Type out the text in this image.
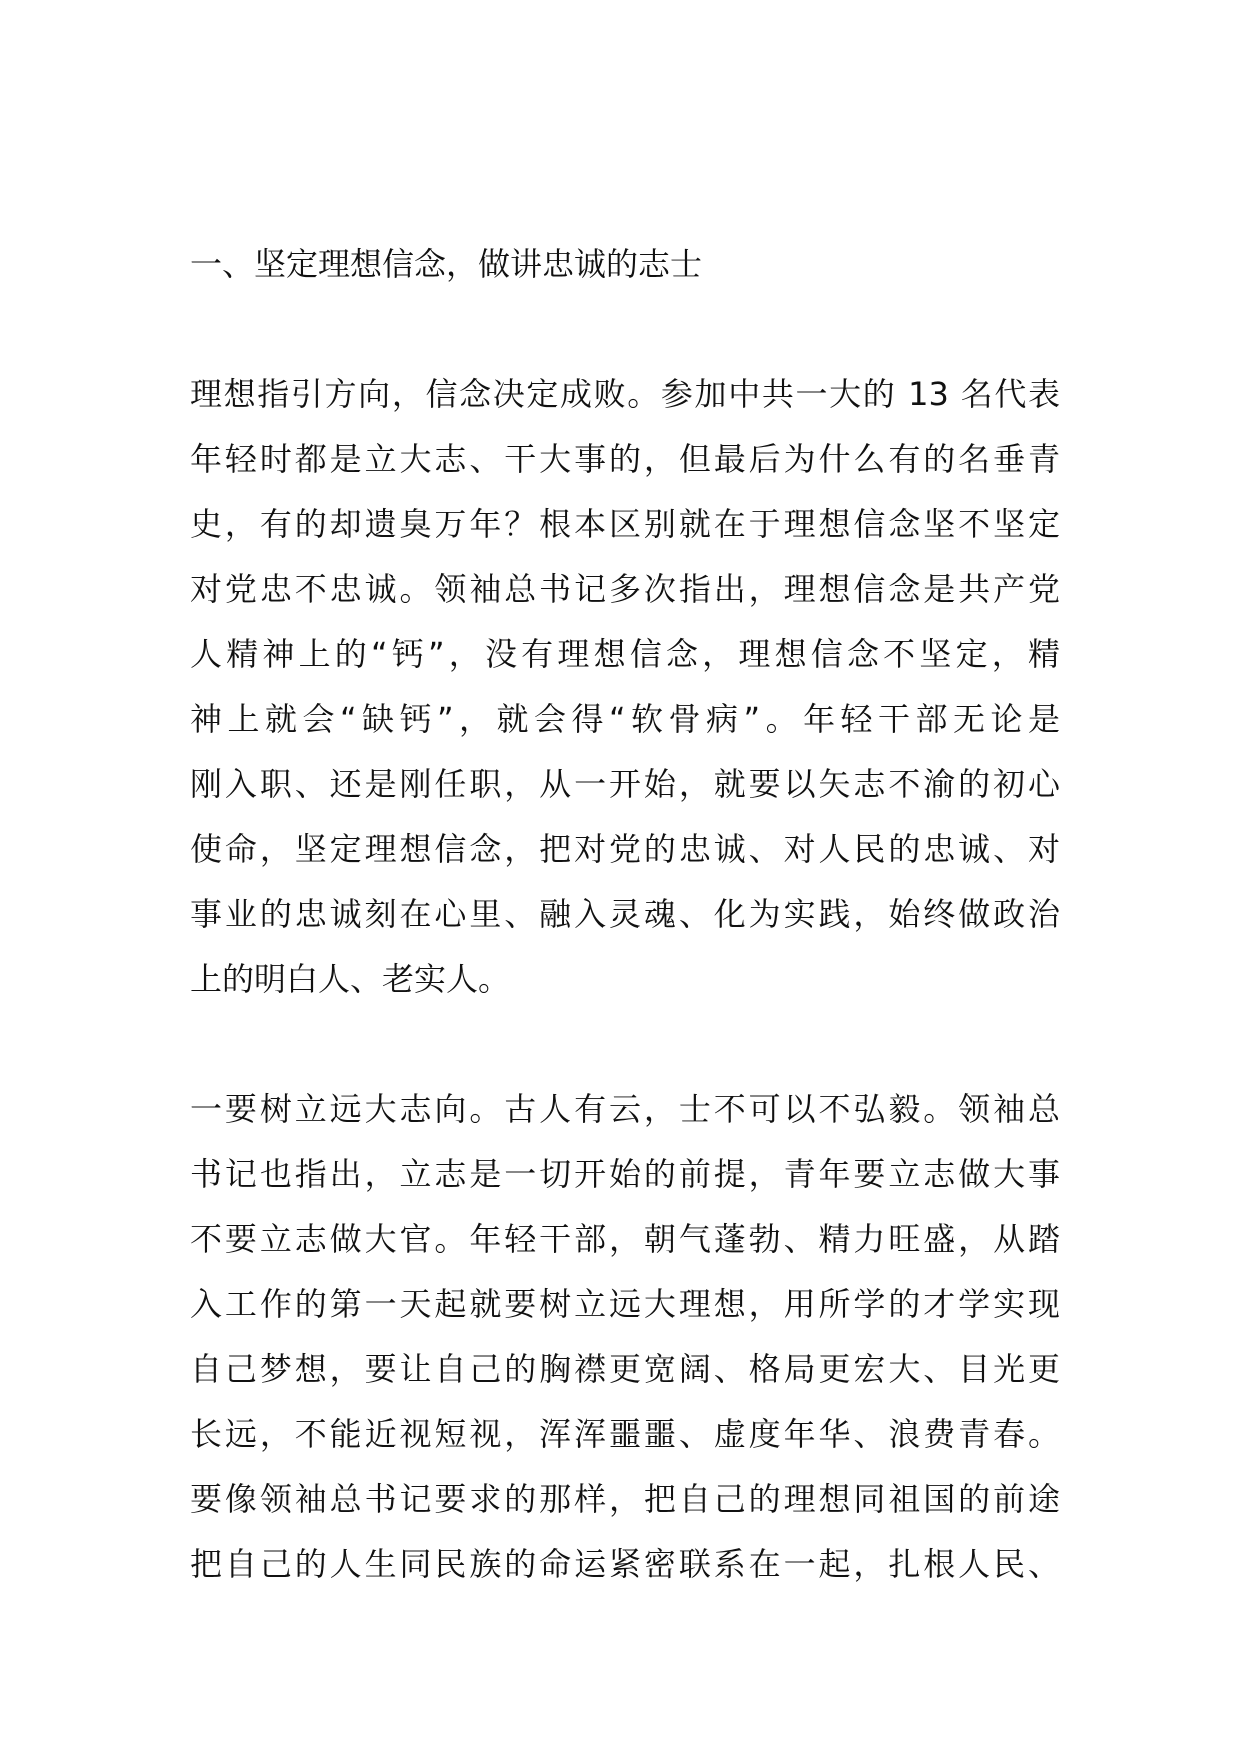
一、坚定理想信念，做讲忠诚的志士
理想指引方向，信念决定成败。参加中共一大的 13 名代表
年轻时都是立大志、干大事的，但最后为什么有的名垂青
史，有的却遗臭万年？根本区别就在于理想信念坚不坚定
对党忠不忠诚。领袖总书记多次指出，理想信念是共产党
人精神上的“钙”，没有理想信念，理想信念不坚定，精
神上就会“缺钙”，就会得“软骨病”。年轻干部无论是
刚入职、还是刚任职，从一开始，就要以矢志不渝的初心
使命，坚定理想信念，把对党的忠诚、对人民的忠诚、对
事业的忠诚刻在心里、融入灵魂、化为实践，始终做政治
上的明白人、老实人。
一要树立远大志向。古人有云，士不可以不弘毅。领袖总
书记也指出，立志是一切开始的前提，青年要立志做大事
不要立志做大官。年轻干部，朝气蓬勃、精力旺盛，从踏
入工作的第一天起就要树立远大理想，用所学的才学实现
自己梦想，要让自己的胸襟更宽阔、格局更宏大、目光更
长远，不能近视短视，浑浑噩噩、虚度年华、浪费青春。
要像领袖总书记要求的那样，把自己的理想同祖国的前途
把自己的人生同民族的命运紧密联系在一起，扎根人民、
